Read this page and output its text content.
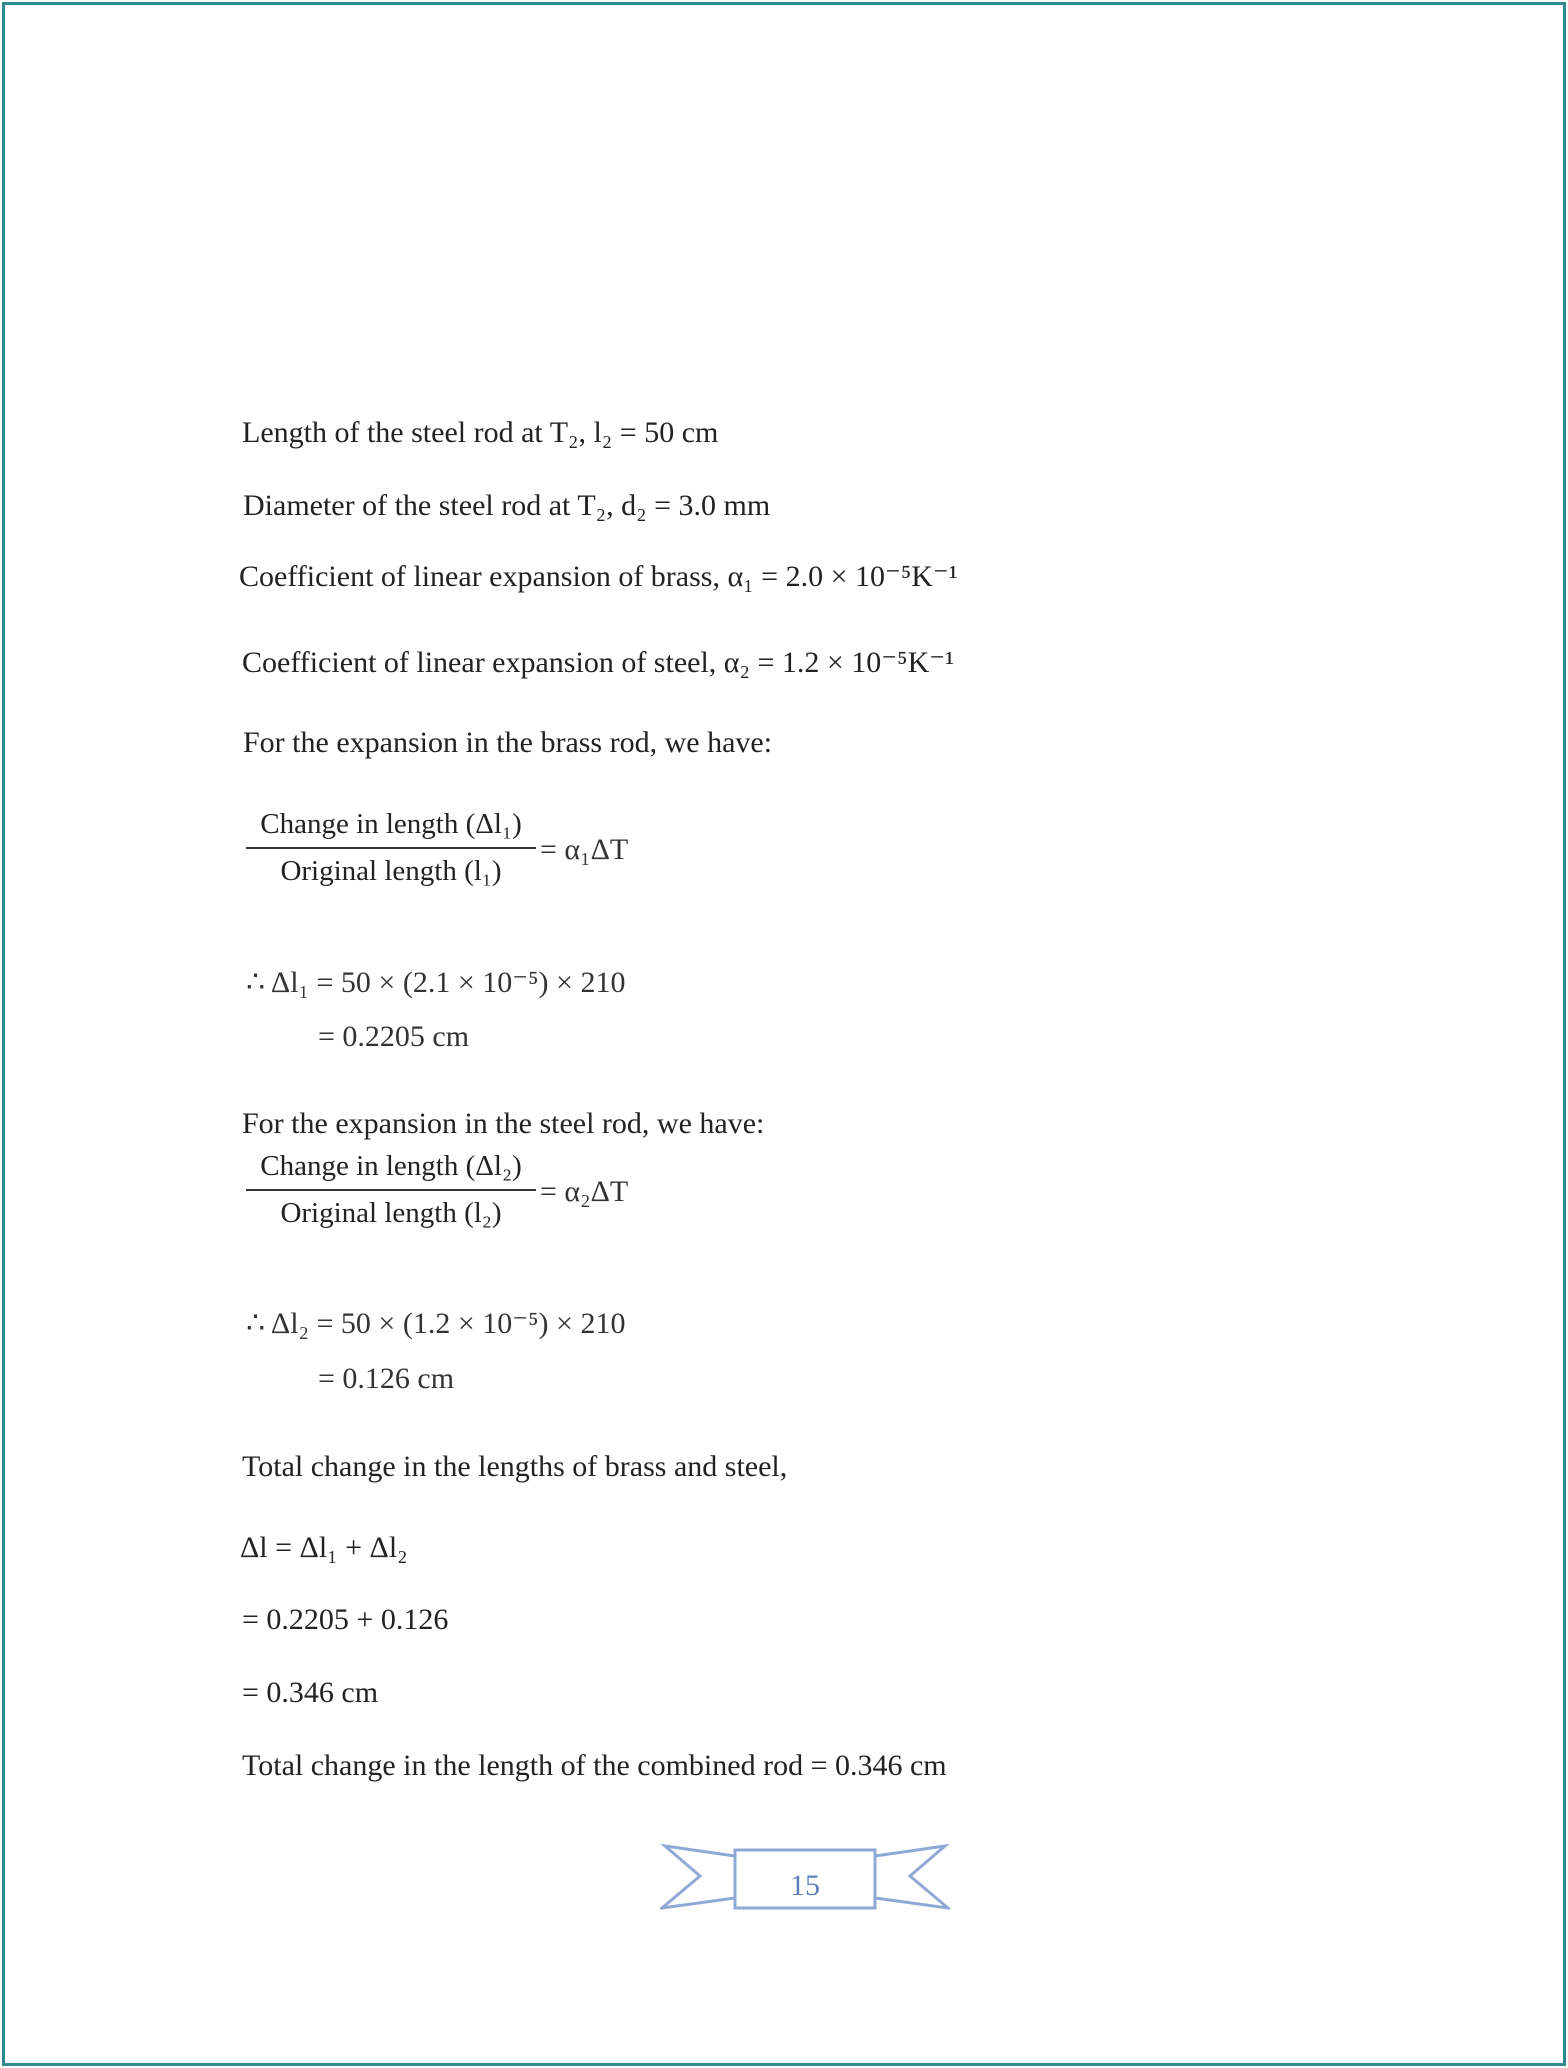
Length of the steel rod at T₂, l₂ = 50 cm
Diameter of the steel rod at T₂, d₂ = 3.0 mm
Coefficient of linear expansion of brass, α₁ = 2.0 × 10⁻⁵K⁻¹
Coefficient of linear expansion of steel, α₂ = 1.2 × 10⁻⁵K⁻¹
For the expansion in the brass rod, we have:
Change in length (Δl₁)
Original length (l₁)
= α₁ΔT
∴ Δl₁ = 50 × (2.1 × 10⁻⁵) × 210
= 0.2205 cm
For the expansion in the steel rod, we have:
Change in length (Δl₂)
Original length (l₂)
= α₂ΔT
∴ Δl₂ = 50 × (1.2 × 10⁻⁵) × 210
= 0.126 cm
Total change in the lengths of brass and steel,
Δl = Δl₁ + Δl₂
= 0.2205 + 0.126
= 0.346 cm
Total change in the length of the combined rod = 0.346 cm
15
